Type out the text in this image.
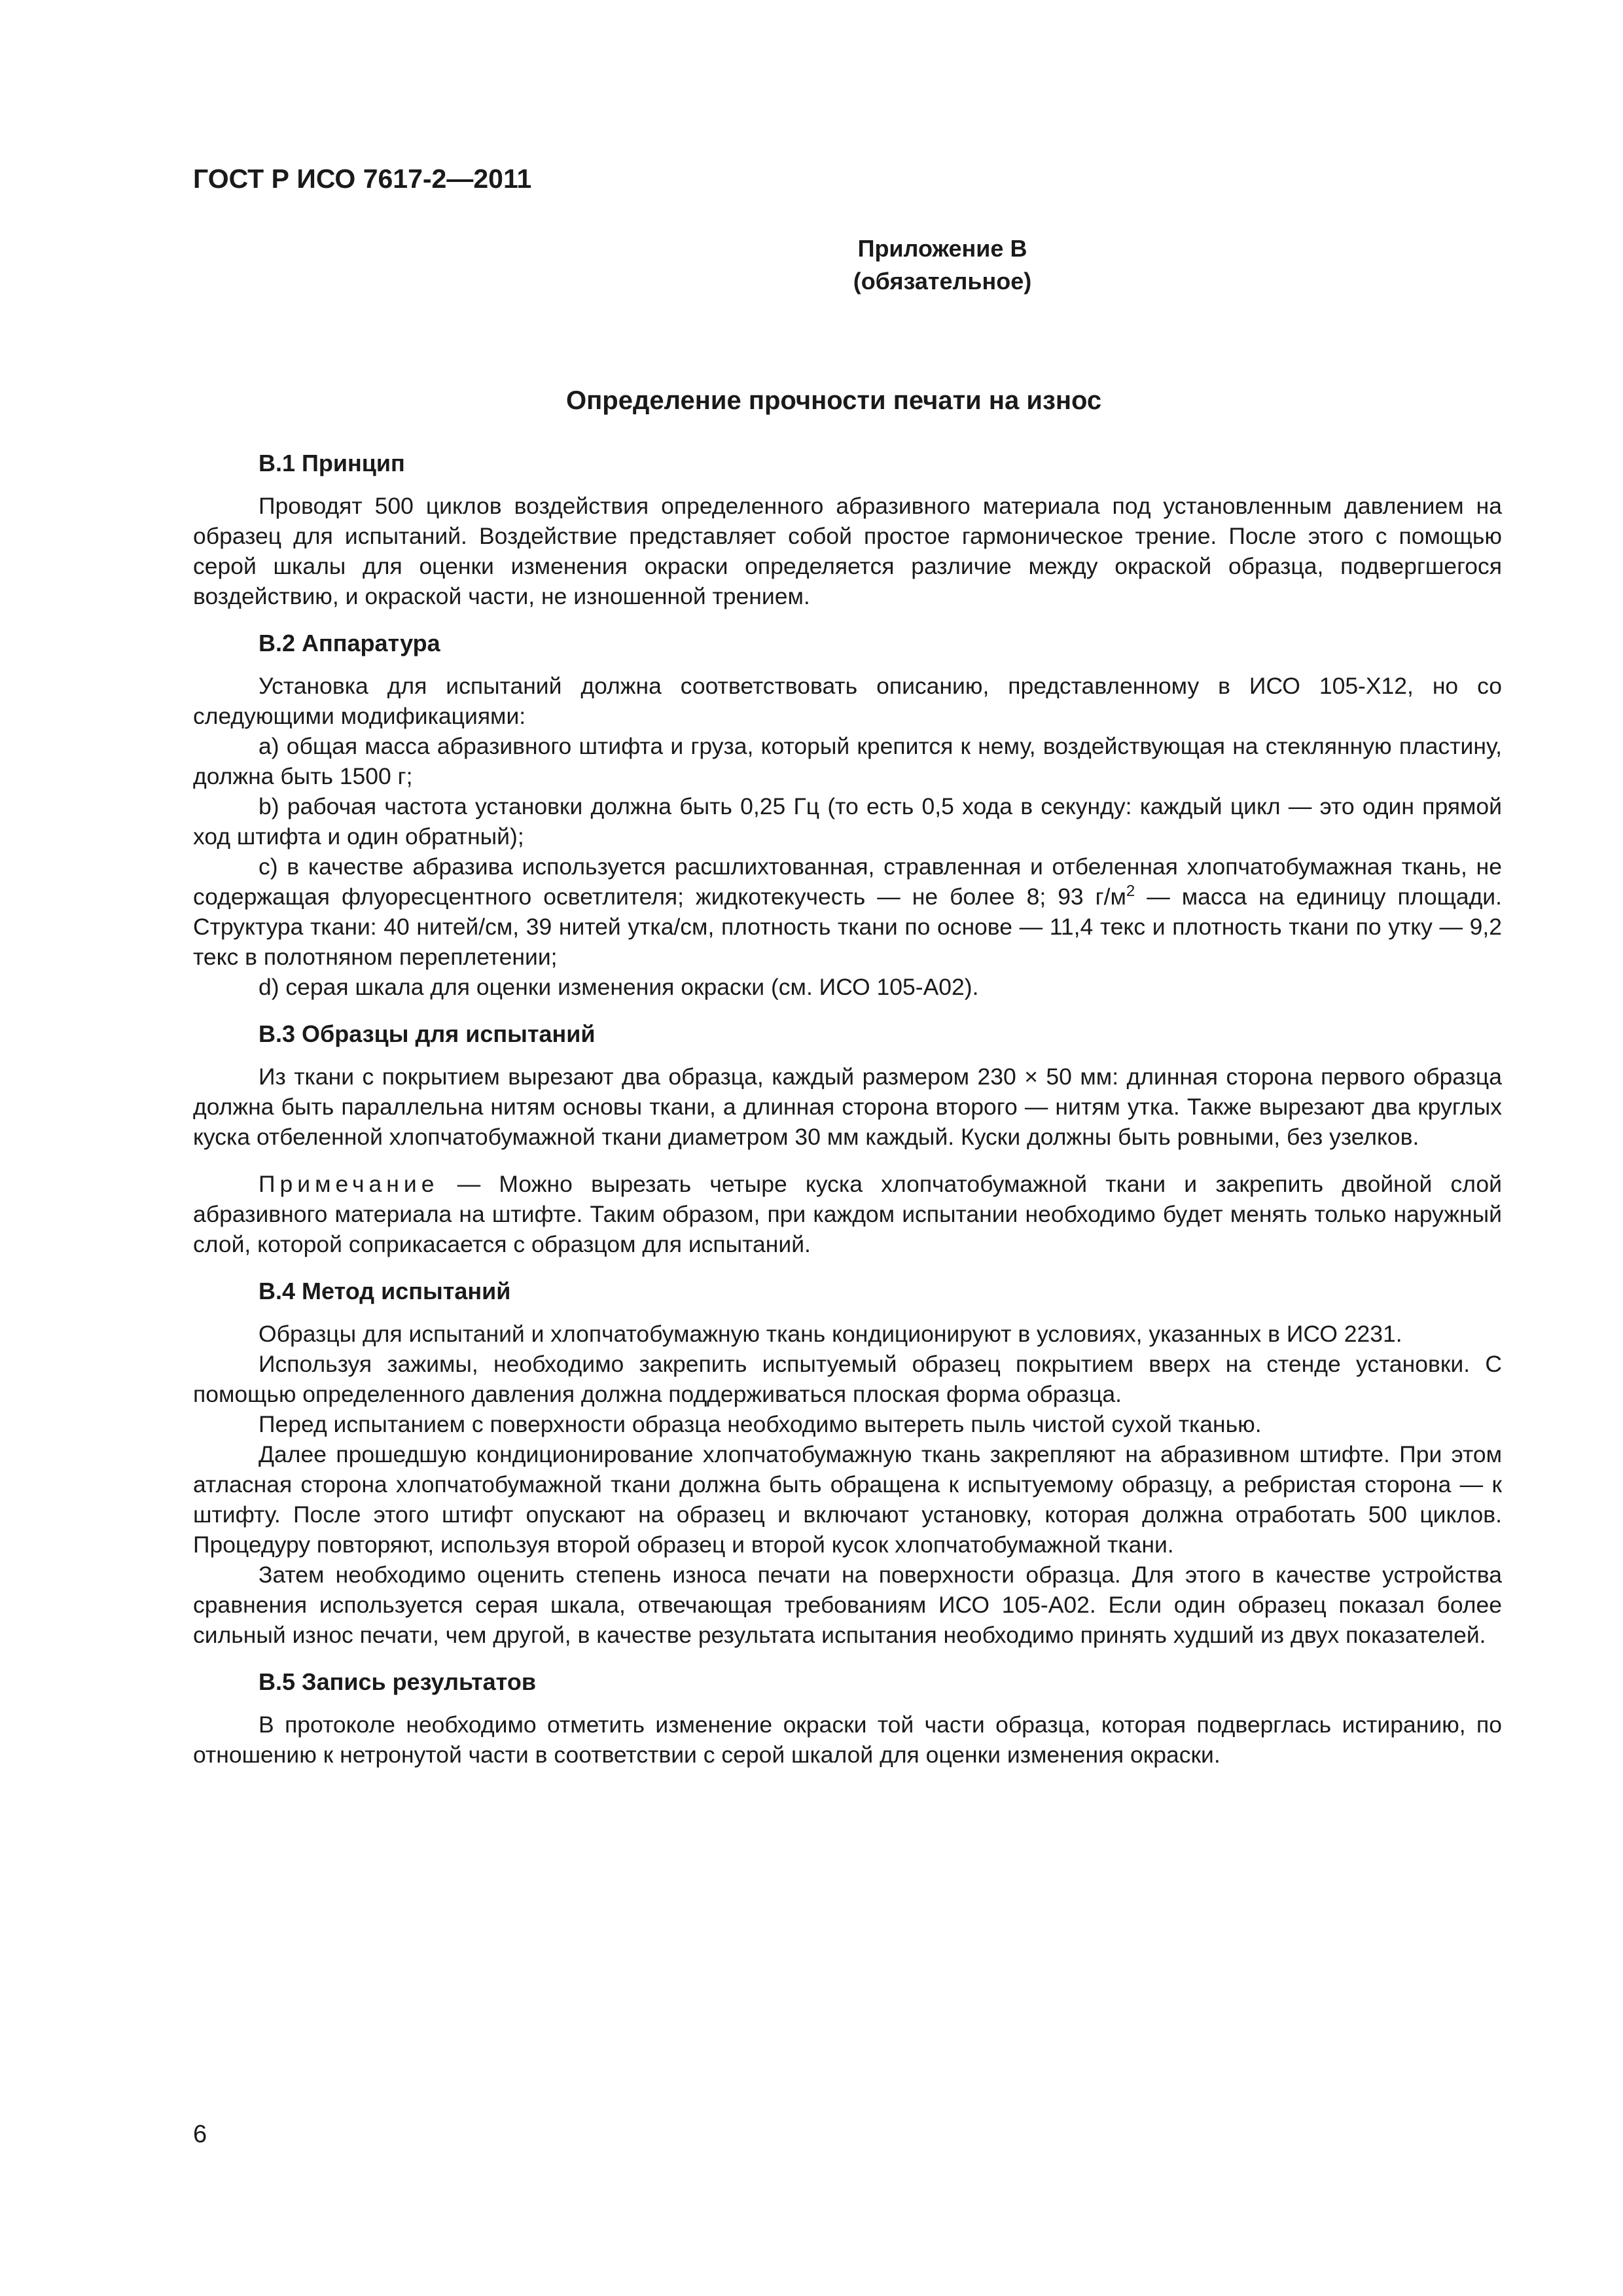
ГОСТ Р ИСО 7617-2—2011
Приложение В
(обязательное)
Определение прочности печати на износ
В.1 Принцип

Проводят 500 циклов воздействия определенного абразивного материала под установленным давлением на образец для испытаний. Воздействие представляет собой простое гармоническое трение. После этого с помощью серой шкалы для оценки изменения окраски определяется различие между окраской образца, подвергшегося воздействию, и окраской части, не изношенной трением.

В.2 Аппаратура

Установка для испытаний должна соответствовать описанию, представленному в ИСО 105-Х12, но со следующими модификациями:

а) общая масса абразивного штифта и груза, который крепится к нему, воздействующая на стеклянную пластину, должна быть 1500 г;

b) рабочая частота установки должна быть 0,25 Гц (то есть 0,5 хода в секунду: каждый цикл — это один прямой ход штифта и один обратный);

с) в качестве абразива используется расшлихтованная, стравленная и отбеленная хлопчатобумажная ткань, не содержащая флуоресцентного осветлителя; жидкотекучесть — не более 8; 93 $г/м^2$ — масса на единицу площади. Структура ткани: 40 нитей/см, 39 нитей утка/см, плотность ткани по основе — 11,4 текс и плотность ткани по утку — 9,2 текс в полотняном переплетении;

d) серая шкала для оценки изменения окраски (см. ИСО 105-А02).

В.3 Образцы для испытаний

Из ткани с покрытием вырезают два образца, каждый размером 230 × 50 мм: длинная сторона первого образца должна быть параллельна нитям основы ткани, а длинная сторона второго — нитям утка. Также вырезают два круглых куска отбеленной хлопчатобумажной ткани диаметром 30 мм каждый. Куски должны быть ровными, без узелков.

Примечание — Можно вырезать четыре куска хлопчатобумажной ткани и закрепить двойной слой абразивного материала на штифте. Таким образом, при каждом испытании необходимо будет менять только наружный слой, которой соприкасается с образцом для испытаний.

В.4 Метод испытаний

Образцы для испытаний и хлопчатобумажную ткань кондиционируют в условиях, указанных в ИСО 2231.

Используя зажимы, необходимо закрепить испытуемый образец покрытием вверх на стенде установки. С помощью определенного давления должна поддерживаться плоская форма образца.

Перед испытанием с поверхности образца необходимо вытереть пыль чистой сухой тканью.

Далее прошедшую кондиционирование хлопчатобумажную ткань закрепляют на абразивном штифте. При этом атласная сторона хлопчатобумажной ткани должна быть обращена к испытуемому образцу, а ребристая сторона — к штифту. После этого штифт опускают на образец и включают установку, которая должна отработать 500 циклов. Процедуру повторяют, используя второй образец и второй кусок хлопчатобумажной ткани.

Затем необходимо оценить степень износа печати на поверхности образца. Для этого в качестве устройства сравнения используется серая шкала, отвечающая требованиям ИСО 105-А02. Если один образец показал более сильный износ печати, чем другой, в качестве результата испытания необходимо принять худший из двух показателей.

В.5 Запись результатов

В протоколе необходимо отметить изменение окраски той части образца, которая подверглась истиранию, по отношению к нетронутой части в соответствии с серой шкалой для оценки изменения окраски.

6
